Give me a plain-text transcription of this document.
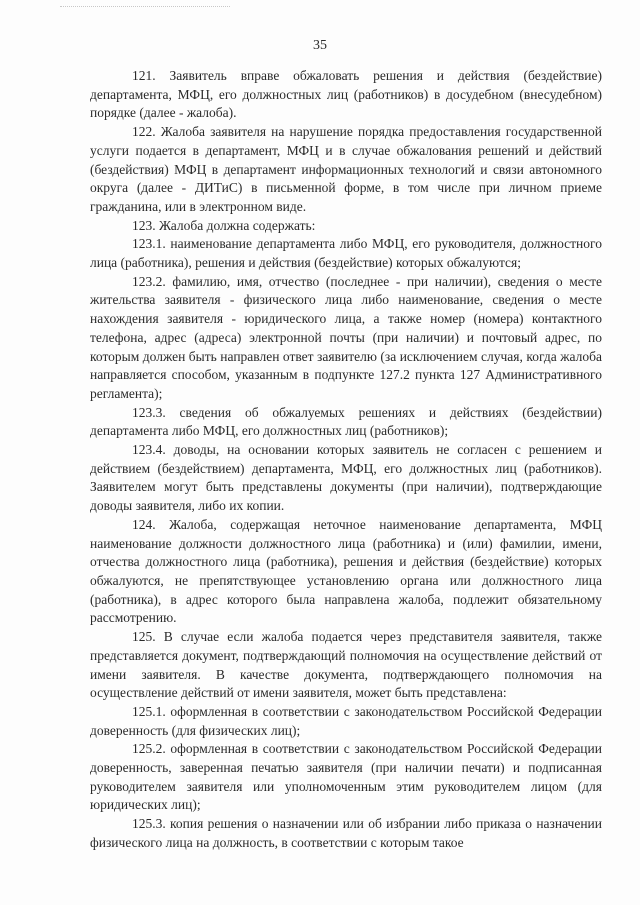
35

121. Заявитель вправе обжаловать решения и действия (бездействие) департамента, МФЦ, его должностных лиц (работников) в досудебном (внесудебном) порядке (далее - жалоба).

122. Жалоба заявителя на нарушение порядка предоставления государственной услуги подается в департамент, МФЦ и в случае обжалования решений и действий (бездействия) МФЦ в департамент информационных технологий и связи автономного округа (далее - ДИТиС) в письменной форме, в том числе при личном приеме гражданина, или в электронном виде.

123. Жалоба должна содержать:

123.1. наименование департамента либо МФЦ, его руководителя, должностного лица (работника), решения и действия (бездействие) которых обжалуются;

123.2. фамилию, имя, отчество (последнее - при наличии), сведения о месте жительства заявителя - физического лица либо наименование, сведения о месте нахождения заявителя - юридического лица, а также номер (номера) контактного телефона, адрес (адреса) электронной почты (при наличии) и почтовый адрес, по которым должен быть направлен ответ заявителю (за исключением случая, когда жалоба направляется способом, указанным в подпункте 127.2 пункта 127 Административного регламента);

123.3. сведения об обжалуемых решениях и действиях (бездействии) департамента либо МФЦ, его должностных лиц (работников);

123.4. доводы, на основании которых заявитель не согласен с решением и действием (бездействием) департамента, МФЦ, его должностных лиц (работников). Заявителем могут быть представлены документы (при наличии), подтверждающие доводы заявителя, либо их копии.

124. Жалоба, содержащая неточное наименование департамента, МФЦ наименование должности должностного лица (работника) и (или) фамилии, имени, отчества должностного лица (работника), решения и действия (бездействие) которых обжалуются, не препятствующее установлению органа или должностного лица (работника), в адрес которого была направлена жалоба, подлежит обязательному рассмотрению.

125. В случае если жалоба подается через представителя заявителя, также представляется документ, подтверждающий полномочия на осуществление действий от имени заявителя. В качестве документа, подтверждающего полномочия на осуществление действий от имени заявителя, может быть представлена:

125.1. оформленная в соответствии с законодательством Российской Федерации доверенность (для физических лиц);

125.2. оформленная в соответствии с законодательством Российской Федерации доверенность, заверенная печатью заявителя (при наличии печати) и подписанная руководителем заявителя или уполномоченным этим руководителем лицом (для юридических лиц);

125.3. копия решения о назначении или об избрании либо приказа о назначении физического лица на должность, в соответствии с которым такое
